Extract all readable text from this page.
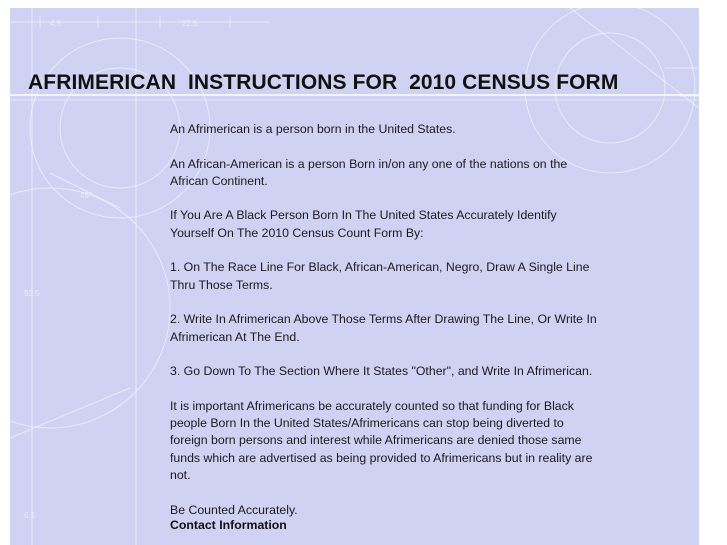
4.5	22.5
45°
52.5
6.1
AFRIMERICAN  INSTRUCTIONS FOR  2010 CENSUS FORM

An Afrimerican is a person born in the United States.

An African-American is a person Born in/on any one of the nations on the African Continent.

If You Are A Black Person Born In The United States Accurately Identify Yourself On The 2010 Census Count Form By:

1. On The Race Line For Black, African-American, Negro, Draw A Single Line Thru Those Terms.

2. Write In Afrimerican Above Those Terms After Drawing The Line, Or Write In Afrimerican At The End.

3. Go Down To The Section Where It States "Other", and Write In Afrimerican.

It is important Afrimericans be accurately counted so that funding for Black people Born In the United States/Afrimericans can stop being diverted to foreign born persons and interest while Afrimericans are denied those same funds which are advertised as being provided to Afrimericans but in reality are not.

Be Counted Accurately.

Contact Information
